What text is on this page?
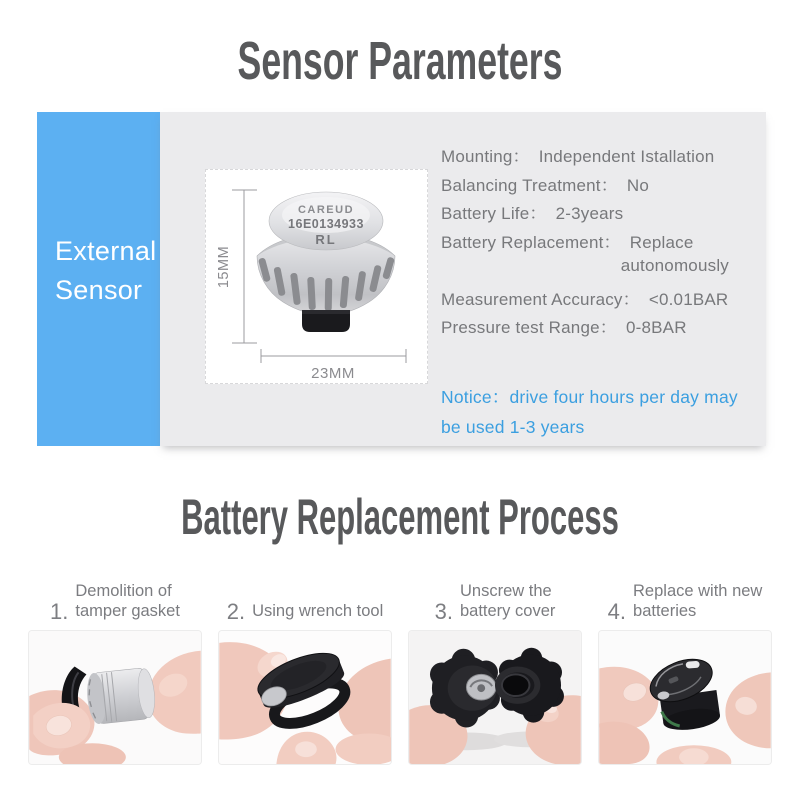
Sensor Parameters
External
Sensor
15MM
CAREUD
16E0134933
RL
23MM
Mounting： Independent Istallation
Balancing Treatment： No
Battery Life： 2-3years
Battery Replacement： Replace
autonomously
Measurement Accuracy： <0.01BAR
Pressure test Range： 0-8BAR
Notice：drive four hours per day may
be used 1-3 years
Battery Replacement Process
1.
Demolition of
tamper gasket 2. Using wrench tool 3.
Unscrew the
battery cover 4.
Replace with new
batteries
